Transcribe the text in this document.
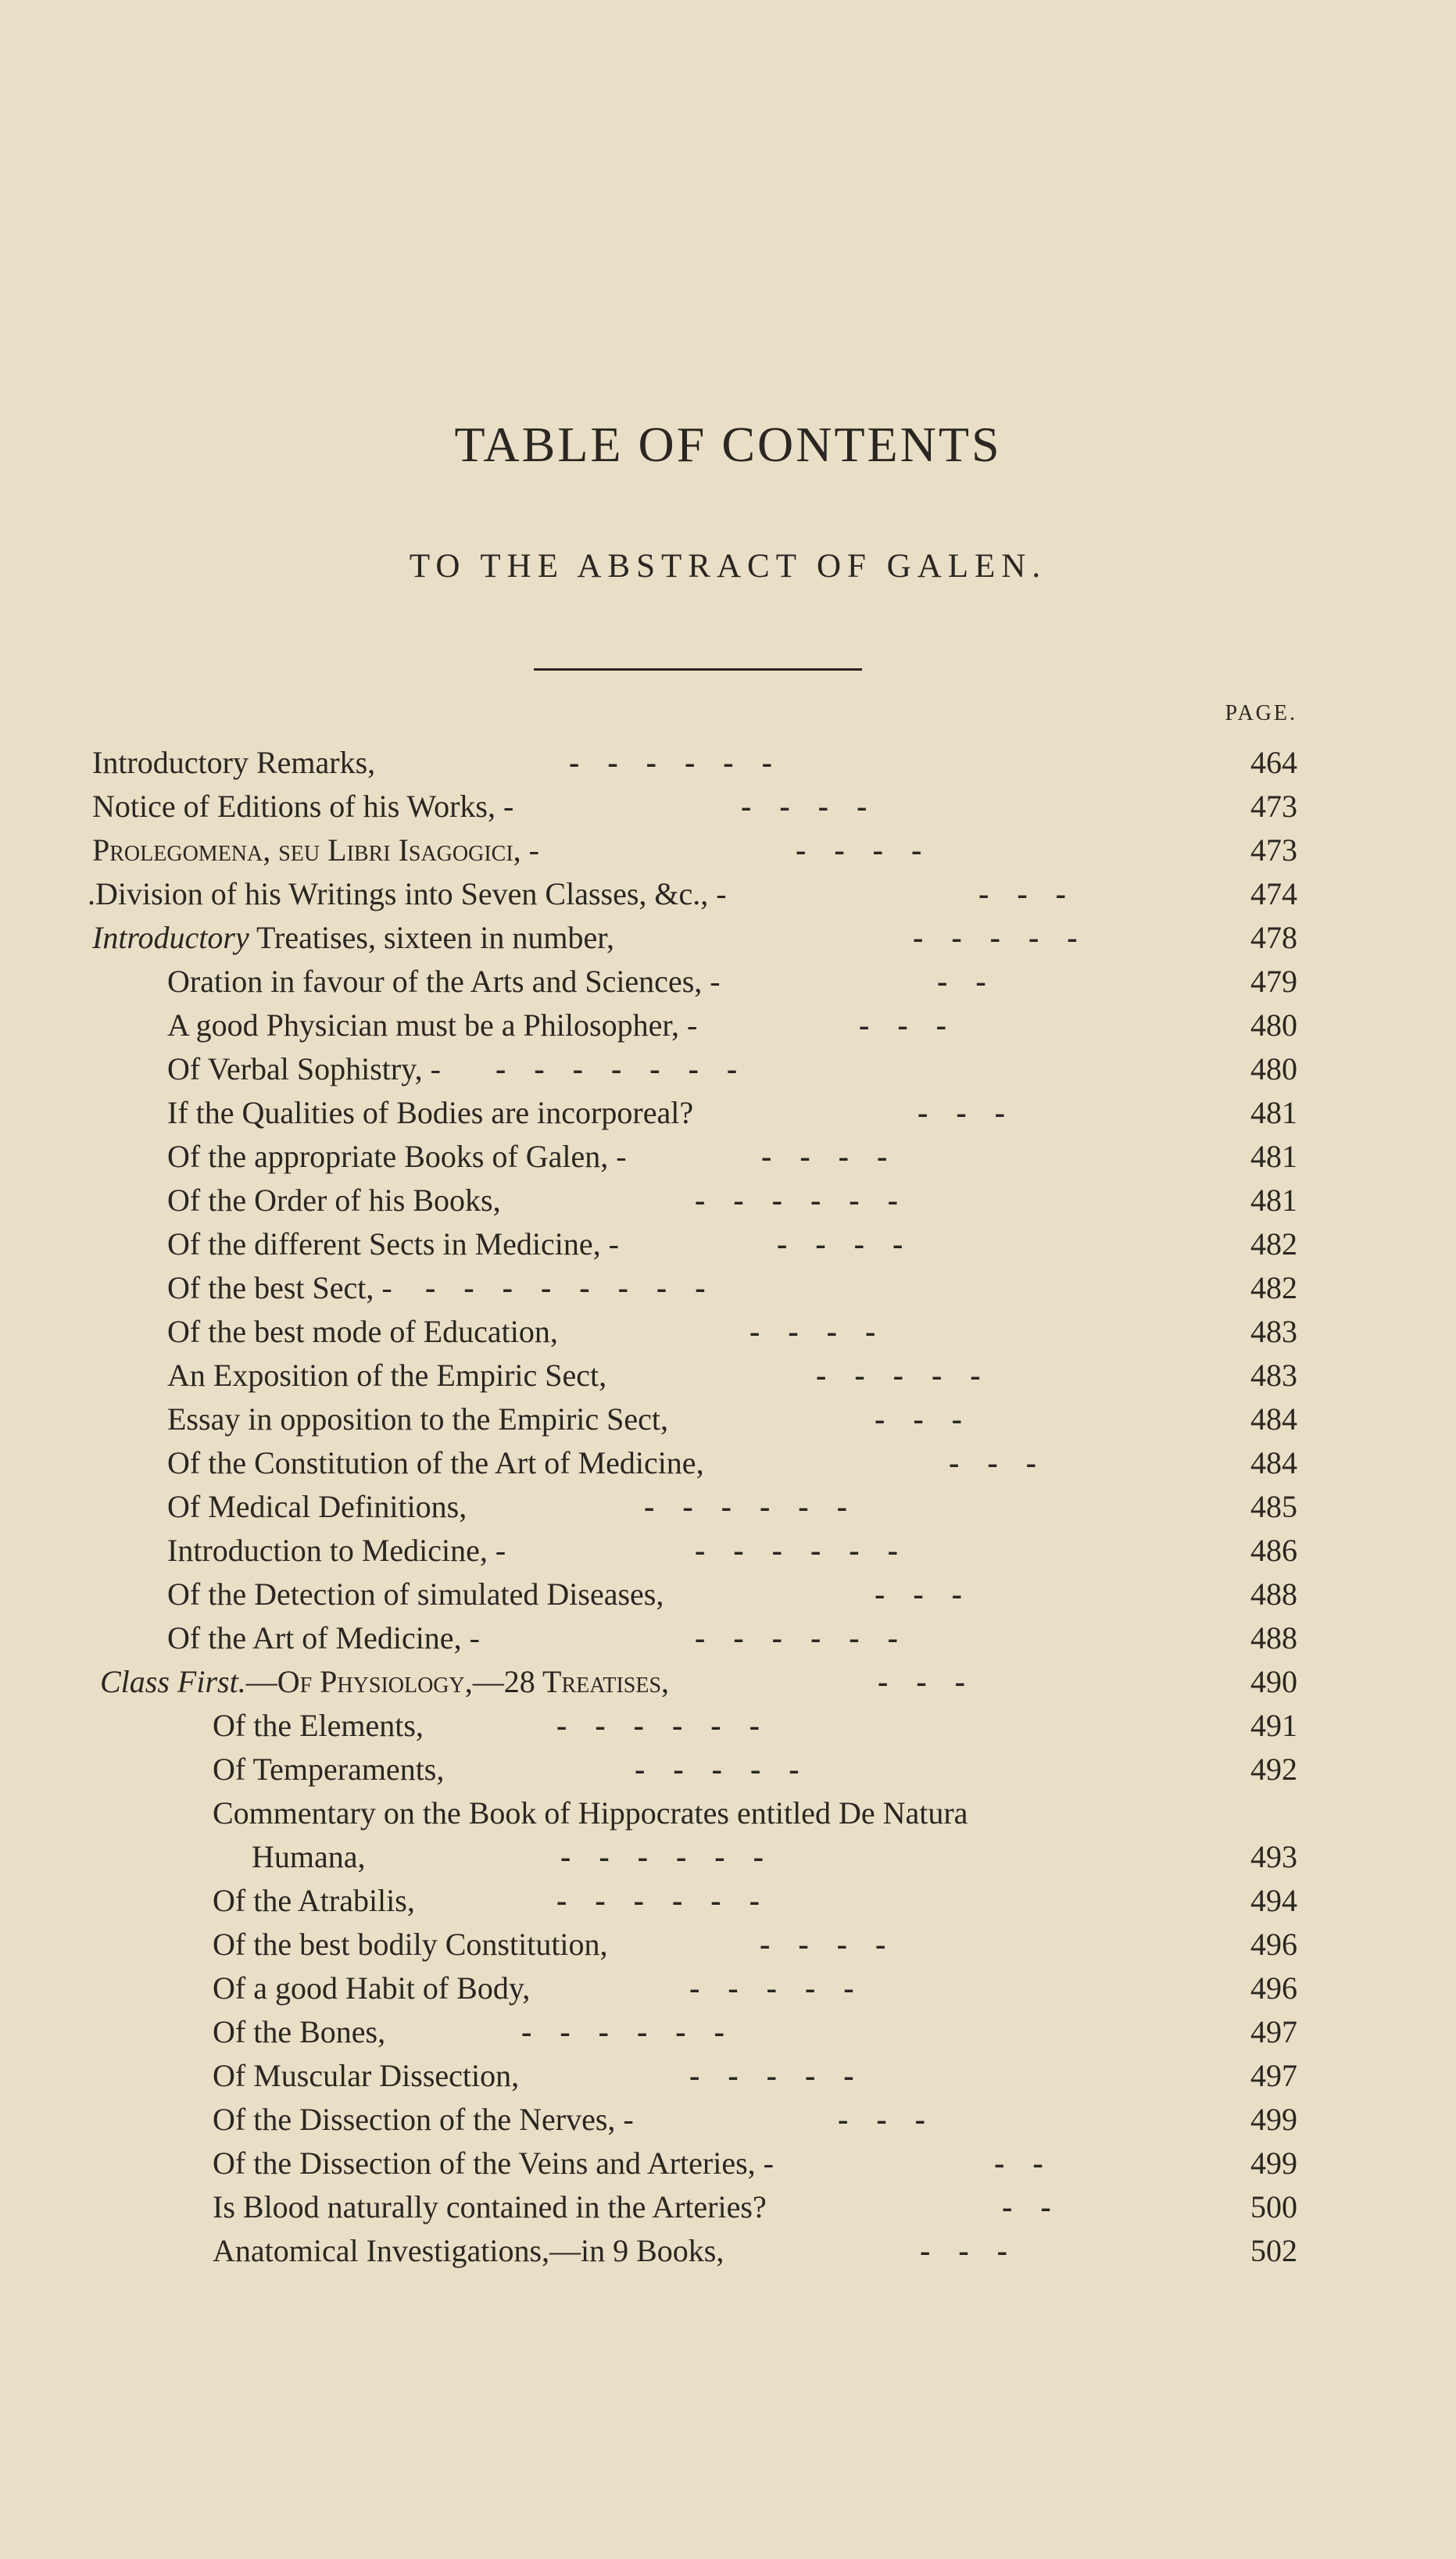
TABLE OF CONTENTS
TO THE ABSTRACT OF GALEN.
PAGE.
Introductory Remarks,	------	464
Notice of Editions of his Works, -	----	473
Prolegomena, seu Libri Isagogici, -	----	473
.Division of his Writings into Seven Classes, &c., -	---	474
Introductory Treatises, sixteen in number,	-----	478
Oration in favour of the Arts and Sciences, -	--	479
A good Physician must be a Philosopher, -	---	480
Of Verbal Sophistry, - -------	480
If the Qualities of Bodies are incorporeal?	---	481
Of the appropriate Books of Galen, -	----	481
Of the Order of his Books,	------	481
Of the different Sects in Medicine, -	----	482
Of the best Sect, - --------	482
Of the best mode of Education,	----	483
An Exposition of the Empiric Sect,	-----	483
Essay in opposition to the Empiric Sect,	---	484
Of the Constitution of the Art of Medicine,	---	484
Of Medical Definitions,	------	485
Introduction to Medicine, -	------	486
Of the Detection of simulated Diseases,	---	488
Of the Art of Medicine, -	------	488
Class First.—Of Physiology,—28 Treatises,	---	490
Of the Elements,	------	491
Of Temperaments,	-----	492
Commentary on the Book of Hippocrates entitled De Natura
Humana,	------	493
Of the Atrabilis,	------	494
Of the best bodily Constitution,	----	496
Of a good Habit of Body,	-----	496
Of the Bones,	------	497
Of Muscular Dissection,	-----	497
Of the Dissection of the Nerves, -	---	499
Of the Dissection of the Veins and Arteries, -	--	499
Is Blood naturally contained in the Arteries?	--	500
Anatomical Investigations,—in 9 Books,	---	502
